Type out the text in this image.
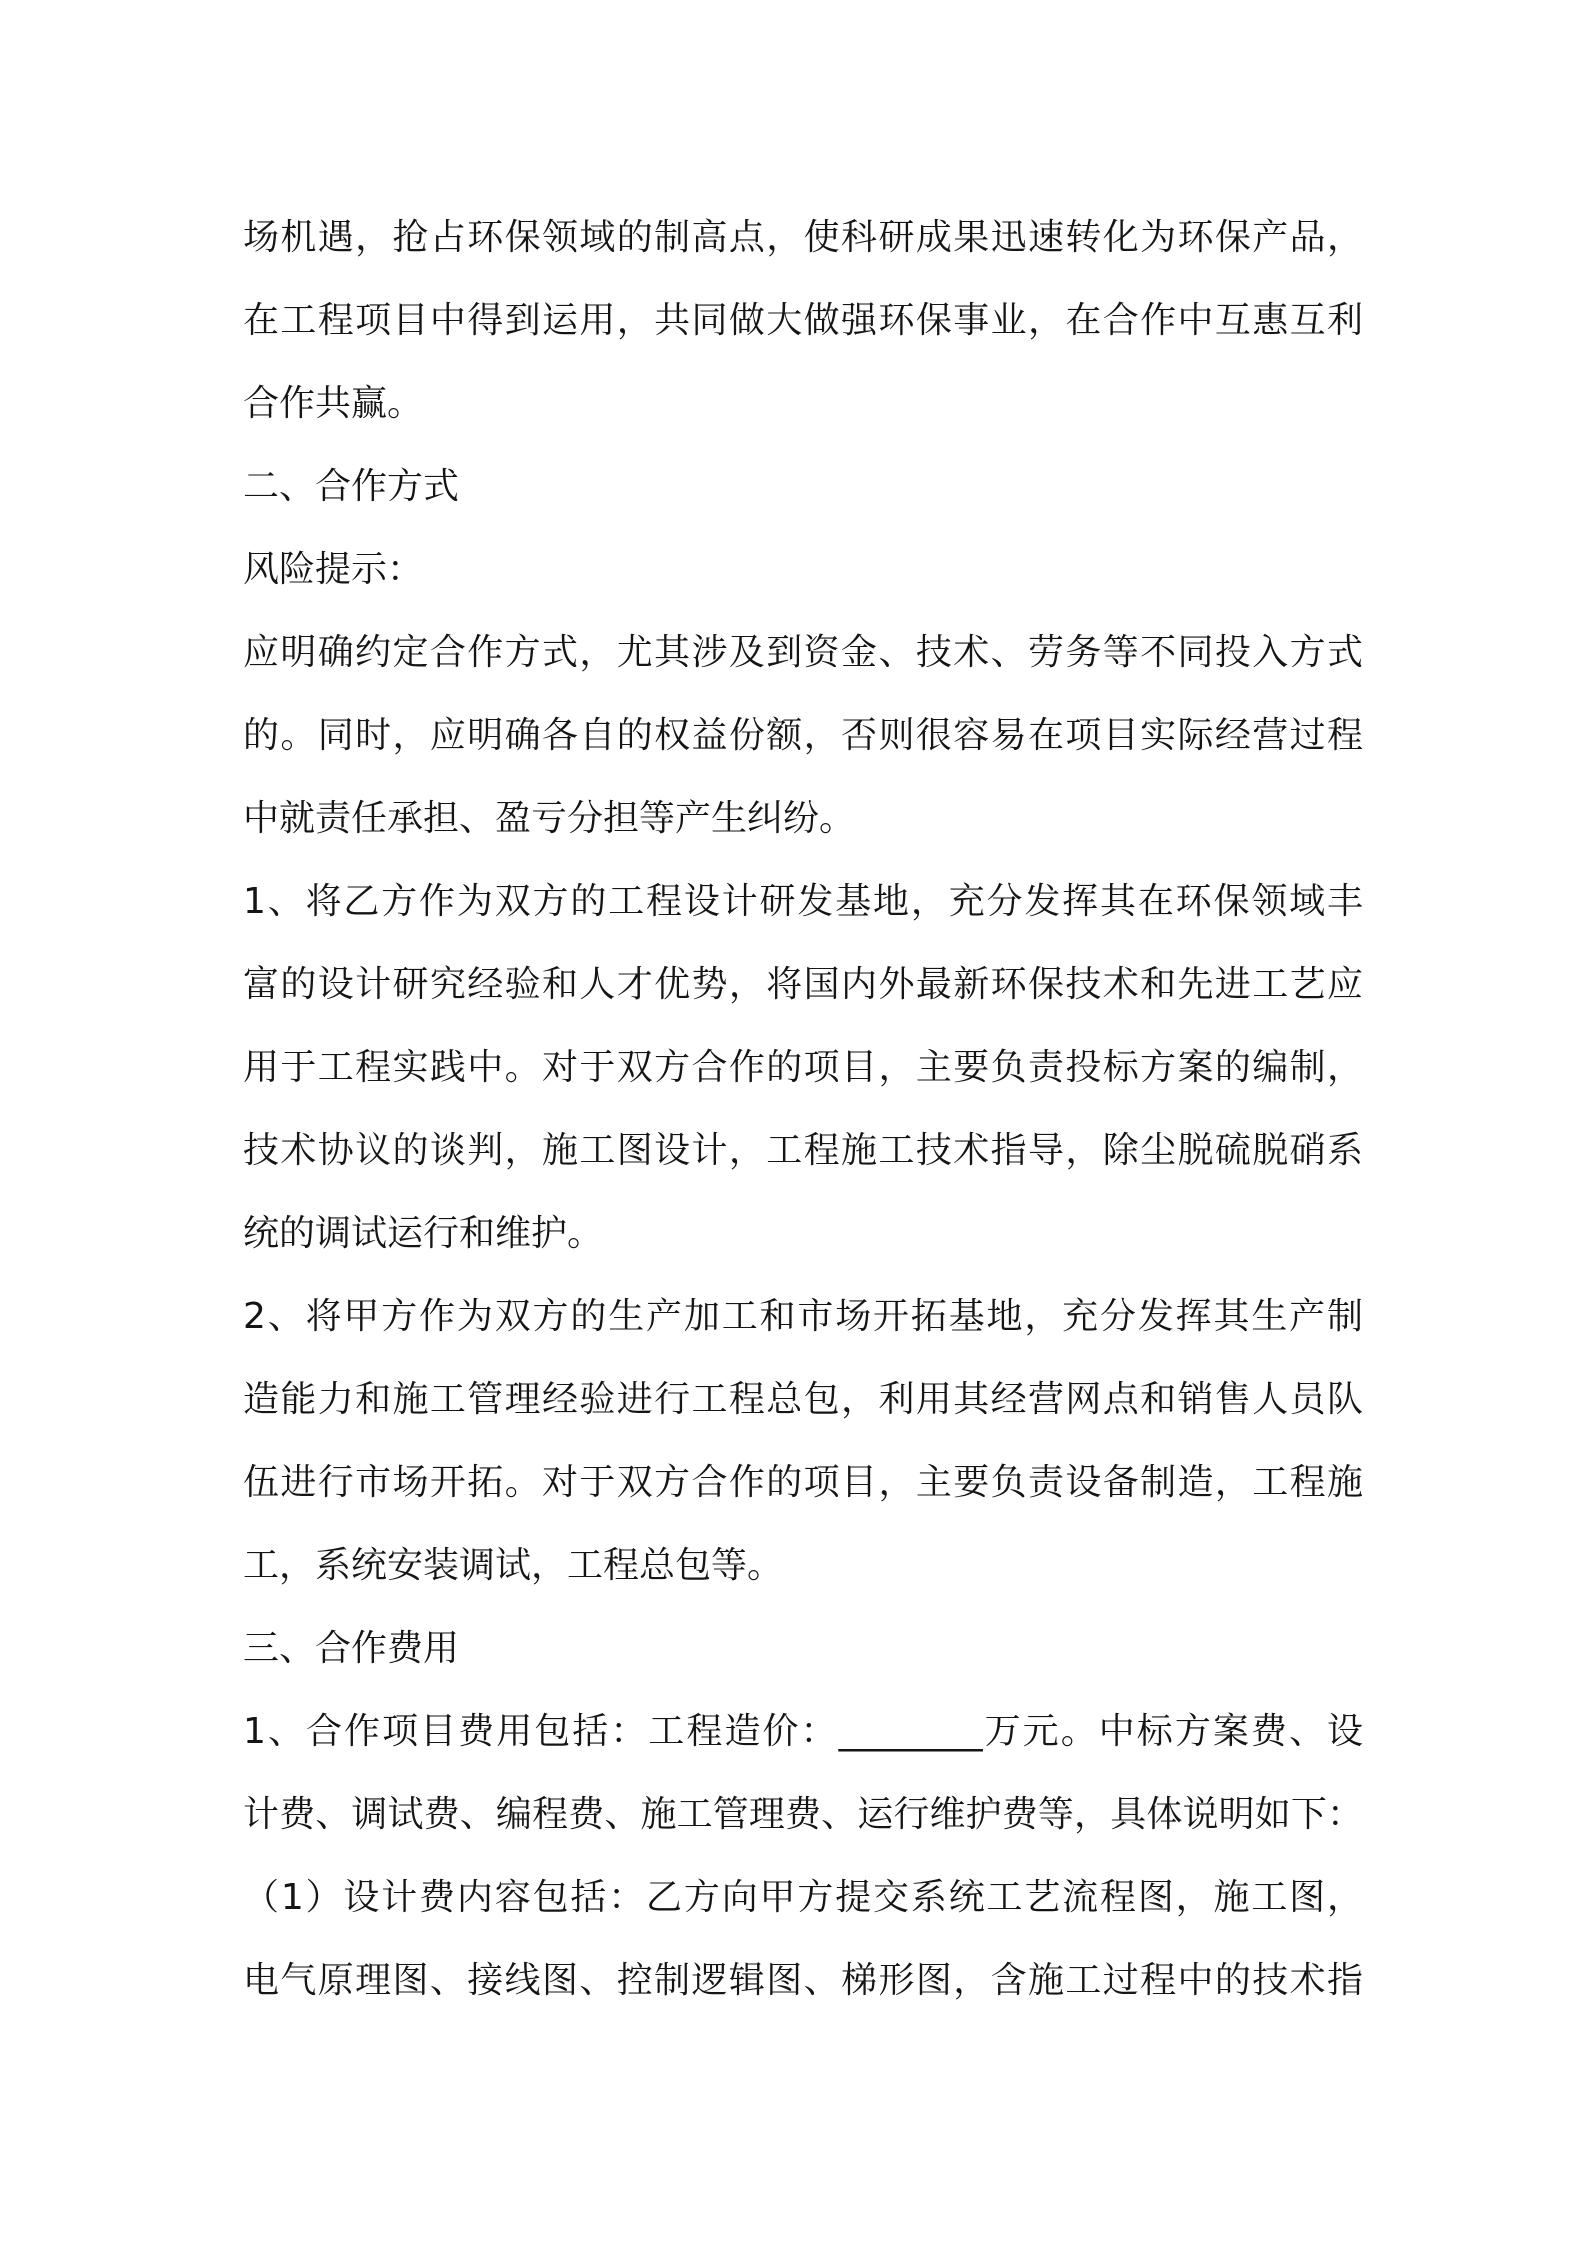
场机遇，抢占环保领域的制高点，使科研成果迅速转化为环保产品，
在工程项目中得到运用，共同做大做强环保事业，在合作中互惠互利
合作共赢。
二、合作方式
风险提示：
应明确约定合作方式，尤其涉及到资金、技术、劳务等不同投入方式
的。同时，应明确各自的权益份额，否则很容易在项目实际经营过程
中就责任承担、盈亏分担等产生纠纷。
1、将乙方作为双方的工程设计研发基地，充分发挥其在环保领域丰
富的设计研究经验和人才优势，将国内外最新环保技术和先进工艺应
用于工程实践中。对于双方合作的项目，主要负责投标方案的编制，
技术协议的谈判，施工图设计，工程施工技术指导，除尘脱硫脱硝系
统的调试运行和维护。
2、将甲方作为双方的生产加工和市场开拓基地，充分发挥其生产制
造能力和施工管理经验进行工程总包，利用其经营网点和销售人员队
伍进行市场开拓。对于双方合作的项目，主要负责设备制造，工程施
工，系统安装调试，工程总包等。
三、合作费用
1、合作项目费用包括：工程造价：________万元。中标方案费、设
计费、调试费、编程费、施工管理费、运行维护费等，具体说明如下：
（1）设计费内容包括：乙方向甲方提交系统工艺流程图，施工图，
电气原理图、接线图、控制逻辑图、梯形图，含施工过程中的技术指
